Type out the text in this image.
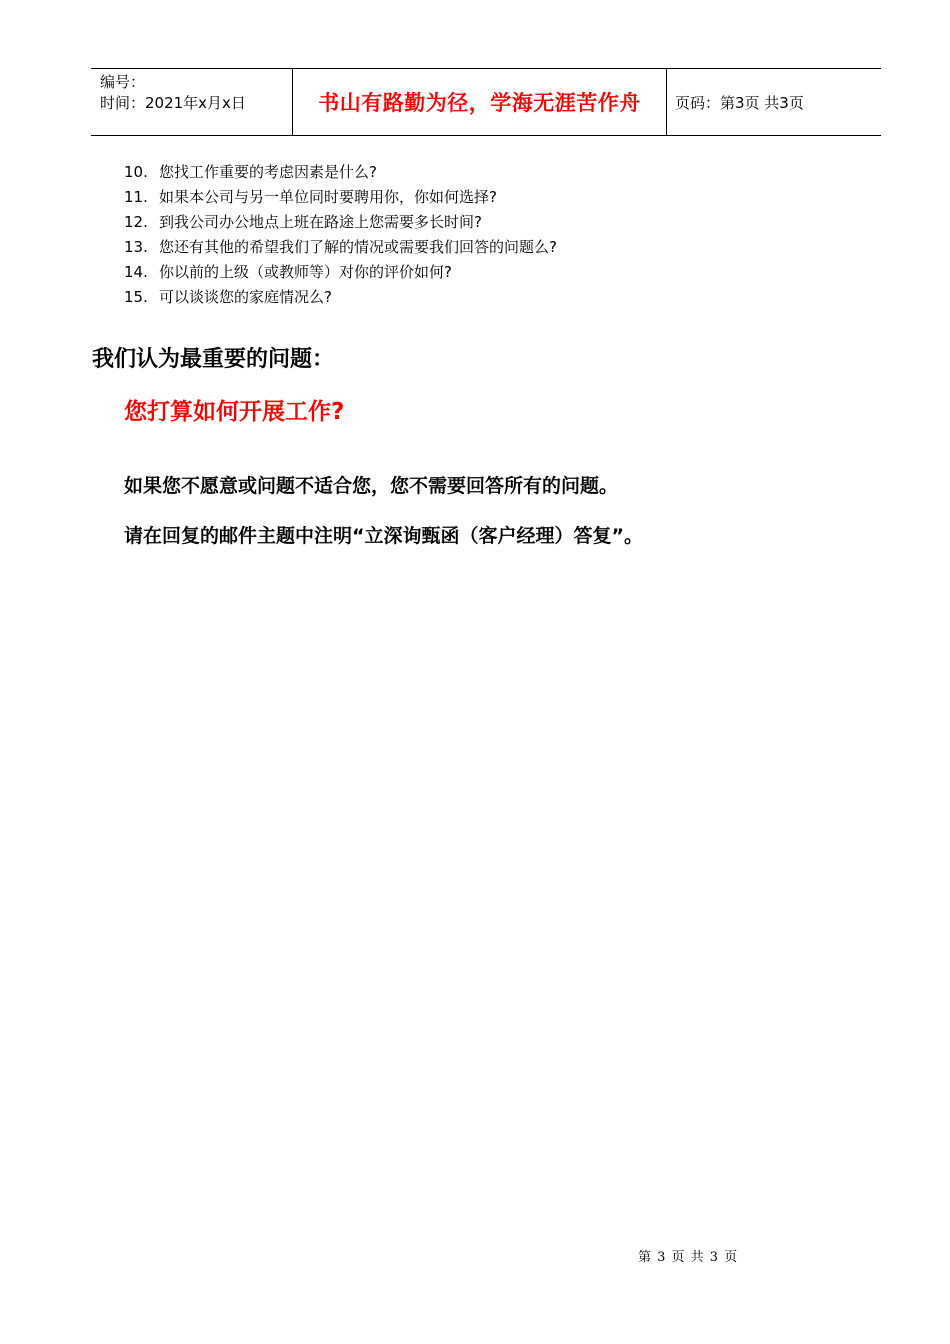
编号：
时间：2021年x月x日	书山有路勤为径，学海无涯苦作舟	页码：第3页 共3页
10. 您找工作重要的考虑因素是什么?
11. 如果本公司与另一单位同时要聘用你，你如何选择?
12. 到我公司办公地点上班在路途上您需要多长时间?
13. 您还有其他的希望我们了解的情况或需要我们回答的问题么?
14. 你以前的上级（或教师等）对你的评价如何?
15. 可以谈谈您的家庭情况么?
我们认为最重要的问题：
您打算如何开展工作?

如果您不愿意或问题不适合您，您不需要回答所有的问题。

请在回复的邮件主题中注明“立深询甄函（客户经理）答复”。

第 3 页 共 3 页
